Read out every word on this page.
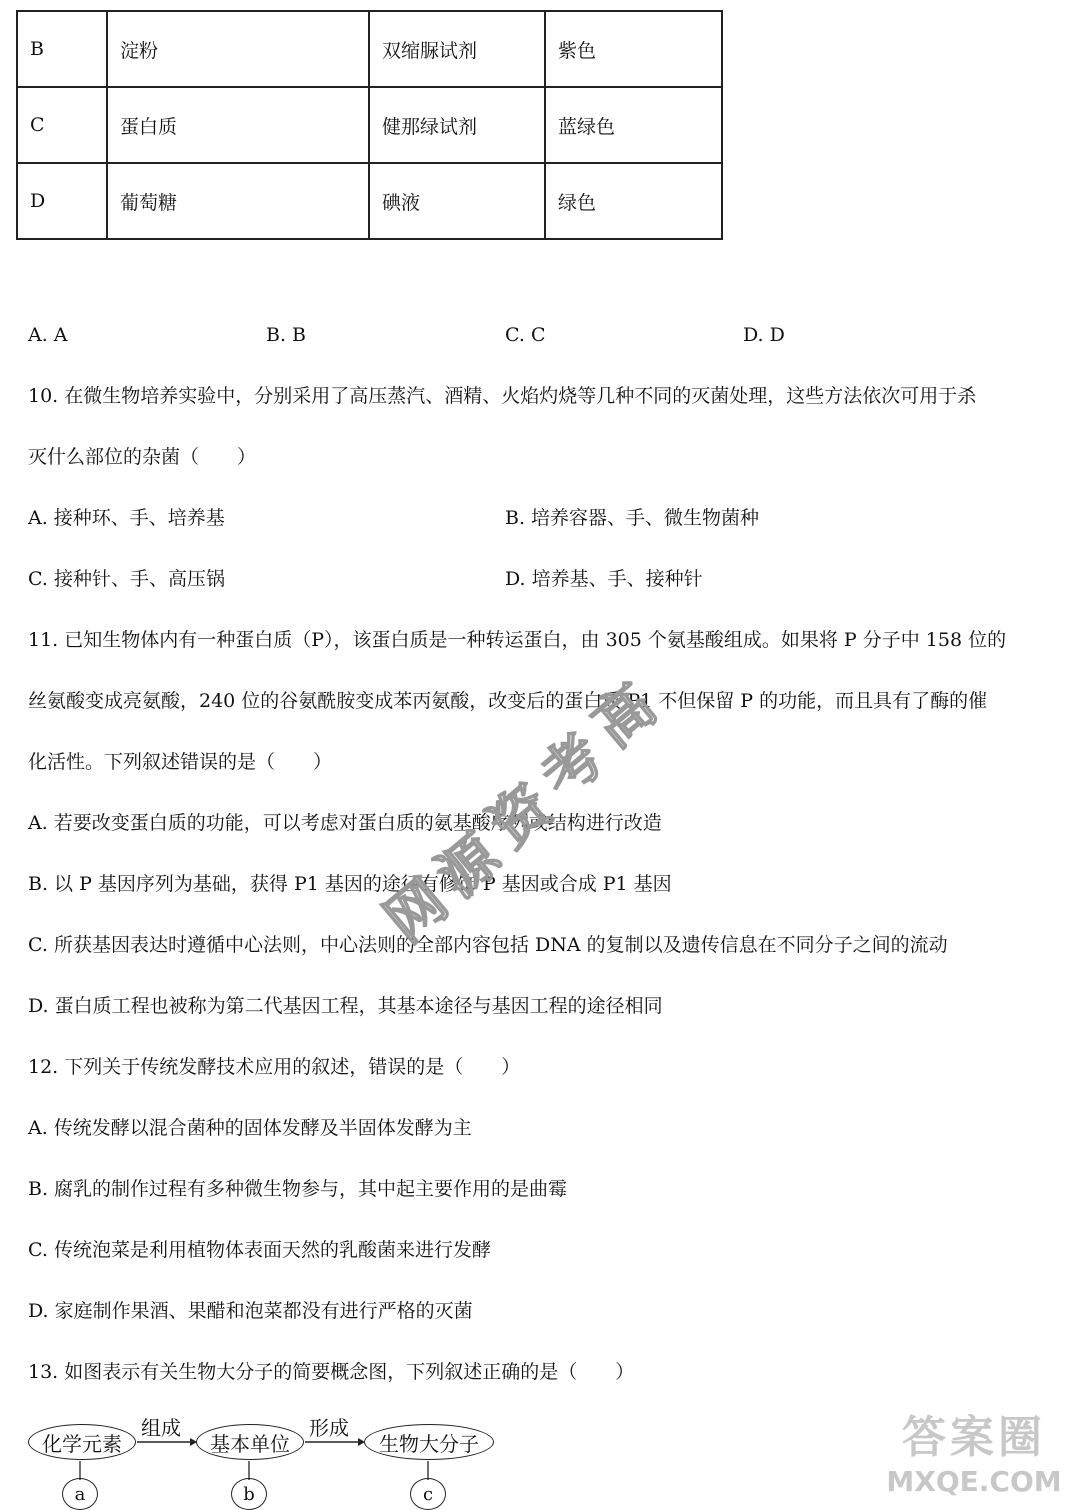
B	淀粉	双缩脲试剂	紫色
C	蛋白质	健那绿试剂	蓝绿色
D	葡萄糖	碘液	绿色
A. A	B. B	C. C	D. D
10. 在微生物培养实验中，分别采用了高压蒸汽、酒精、火焰灼烧等几种不同的灭菌处理，这些方法依次可用于杀
灭什么部位的杂菌（　　）
A. 接种环、手、培养基	B. 培养容器、手、微生物菌种
C. 接种针、手、高压锅	D. 培养基、手、接种针
11. 已知生物体内有一种蛋白质（P），该蛋白质是一种转运蛋白，由 305 个氨基酸组成。如果将 P 分子中 158 位的
丝氨酸变成亮氨酸，240 位的谷氨酰胺变成苯丙氨酸，改变后的蛋白质 P1 不但保留 P 的功能，而且具有了酶的催
化活性。下列叙述错误的是（　　）
A. 若要改变蛋白质的功能，可以考虑对蛋白质的氨基酸序列或结构进行改造
B. 以 P 基因序列为基础，获得 P1 基因的途径有修饰 P 基因或合成 P1 基因
C. 所获基因表达时遵循中心法则，中心法则的全部内容包括 DNA 的复制以及遗传信息在不同分子之间的流动
D. 蛋白质工程也被称为第二代基因工程，其基本途径与基因工程的途径相同
12. 下列关于传统发酵技术应用的叙述，错误的是（　　）
A. 传统发酵以混合菌种的固体发酵及半固体发酵为主
B. 腐乳的制作过程有多种微生物参与，其中起主要作用的是曲霉
C. 传统泡菜是利用植物体表面天然的乳酸菌来进行发酵
D. 家庭制作果酒、果醋和泡菜都没有进行严格的灭菌
13. 如图表示有关生物大分子的简要概念图，下列叙述正确的是（　　）
化学元素	基本单位	生物大分子
组成	形成
a	b	c
高
考
资
源
网
答案圈
MXQE.COM
